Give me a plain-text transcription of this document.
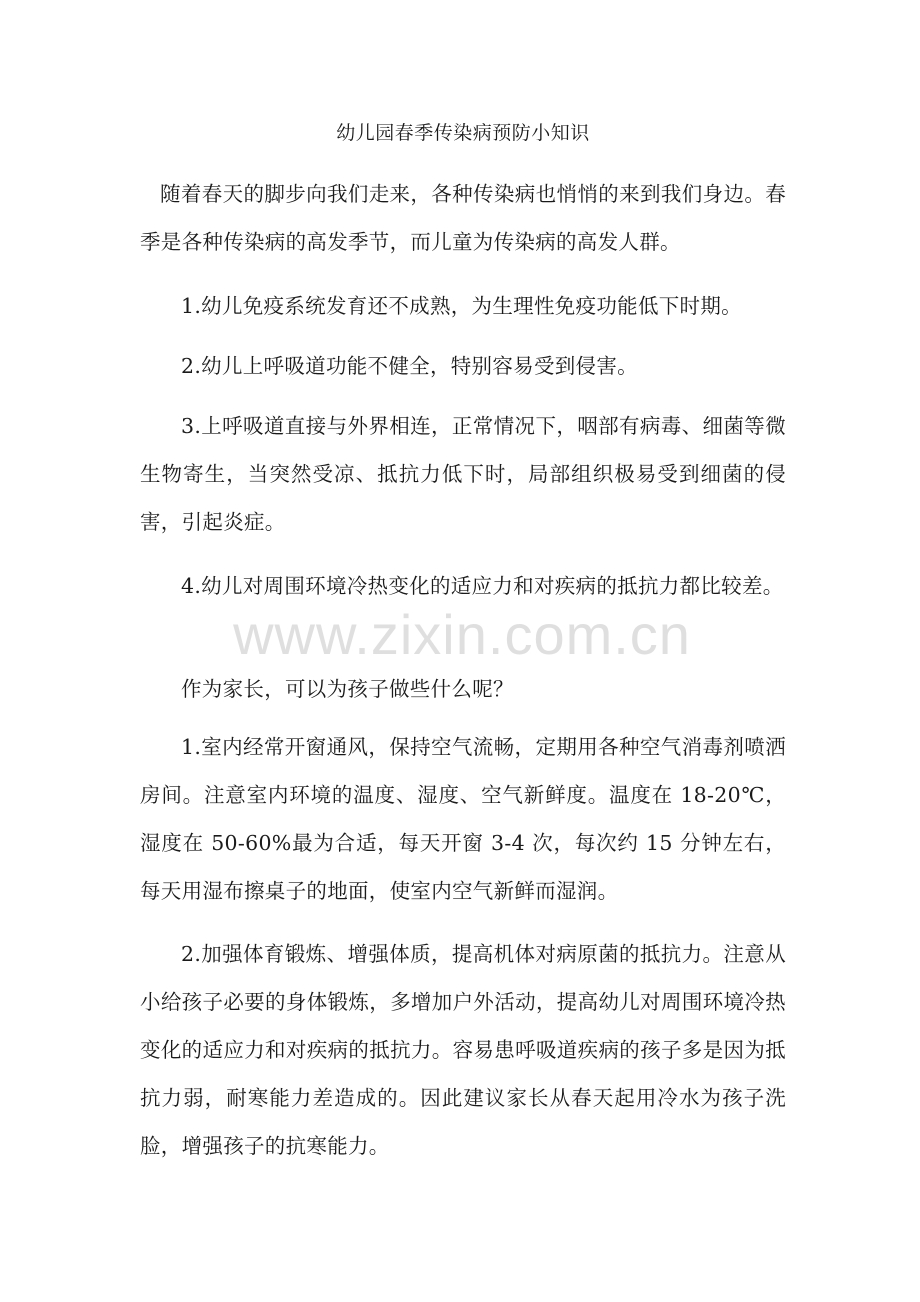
幼儿园春季传染病预防小知识

随着春天的脚步向我们走来，各种传染病也悄悄的来到我们身边。春季是各种传染病的高发季节，而儿童为传染病的高发人群。

1.幼儿免疫系统发育还不成熟，为生理性免疫功能低下时期。

2.幼儿上呼吸道功能不健全，特别容易受到侵害。

3.上呼吸道直接与外界相连，正常情况下，咽部有病毒、细菌等微生物寄生，当突然受凉、抵抗力低下时，局部组织极易受到细菌的侵害，引起炎症。

4.幼儿对周围环境冷热变化的适应力和对疾病的抵抗力都比较差。

作为家长，可以为孩子做些什么呢？

1.室内经常开窗通风，保持空气流畅，定期用各种空气消毒剂喷洒房间。注意室内环境的温度、湿度、空气新鲜度。温度在 18-20℃，湿度在 50-60%最为合适，每天开窗 3-4 次，每次约 15 分钟左右，每天用湿布擦桌子的地面，使室内空气新鲜而湿润。

2.加强体育锻炼、增强体质，提高机体对病原菌的抵抗力。注意从小给孩子必要的身体锻炼，多增加户外活动，提高幼儿对周围环境冷热变化的适应力和对疾病的抵抗力。容易患呼吸道疾病的孩子多是因为抵抗力弱，耐寒能力差造成的。因此建议家长从春天起用冷水为孩子洗脸，增强孩子的抗寒能力。

www.zixin.com.cn
